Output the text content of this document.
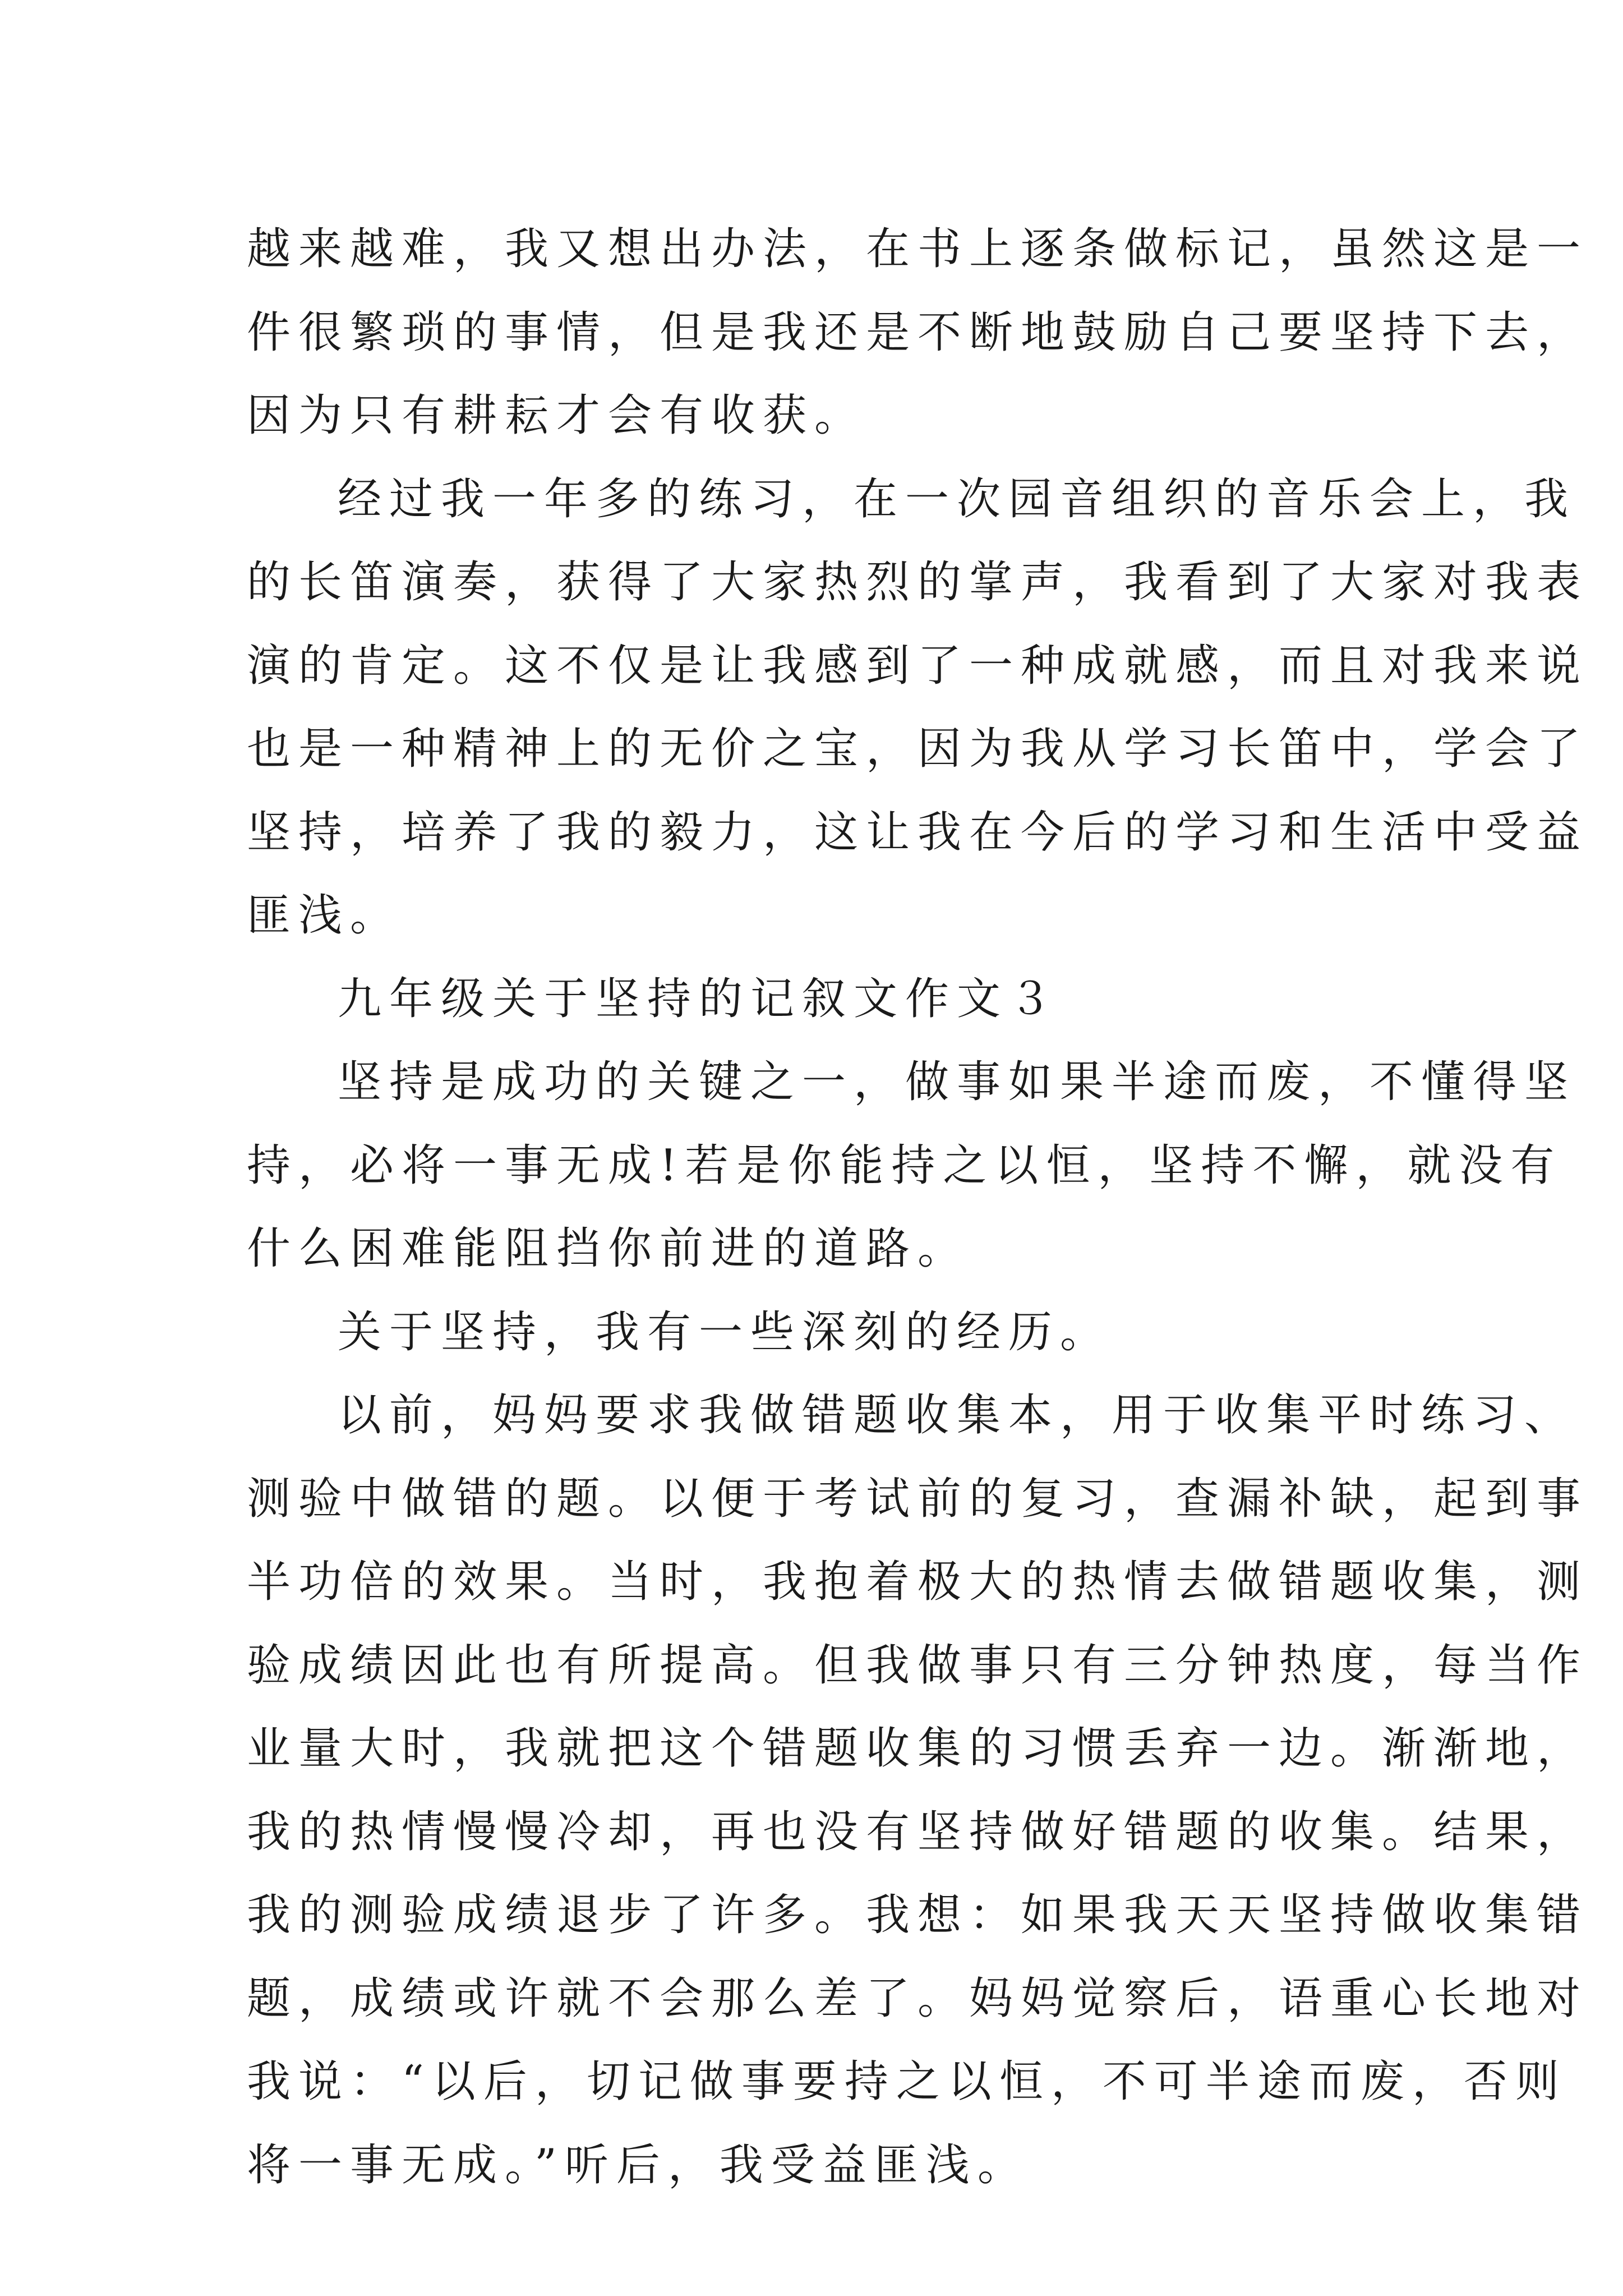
越来越难，我又想出办法，在书上逐条做标记，虽然这是一
件很繁琐的事情，但是我还是不断地鼓励自己要坚持下去，
因为只有耕耘才会有收获。
经过我一年多的练习，在一次园音组织的音乐会上，我
的长笛演奏，获得了大家热烈的掌声，我看到了大家对我表
演的肯定。这不仅是让我感到了一种成就感，而且对我来说
也是一种精神上的无价之宝，因为我从学习长笛中，学会了
坚持，培养了我的毅力，这让我在今后的学习和生活中受益
匪浅。
九年级关于坚持的记叙文作文３
坚持是成功的关键之一，做事如果半途而废，不懂得坚
持，必将一事无成!若是你能持之以恒，坚持不懈，就没有
什么困难能阻挡你前进的道路。
关于坚持，我有一些深刻的经历。
以前，妈妈要求我做错题收集本，用于收集平时练习、
测验中做错的题。以便于考试前的复习，查漏补缺，起到事
半功倍的效果。当时，我抱着极大的热情去做错题收集，测
验成绩因此也有所提高。但我做事只有三分钟热度，每当作
业量大时，我就把这个错题收集的习惯丢弃一边。渐渐地，
我的热情慢慢冷却，再也没有坚持做好错题的收集。结果，
我的测验成绩退步了许多。我想：如果我天天坚持做收集错
题，成绩或许就不会那么差了。妈妈觉察后，语重心长地对
我说：“以后，切记做事要持之以恒，不可半途而废，否则
将一事无成。”听后，我受益匪浅。
